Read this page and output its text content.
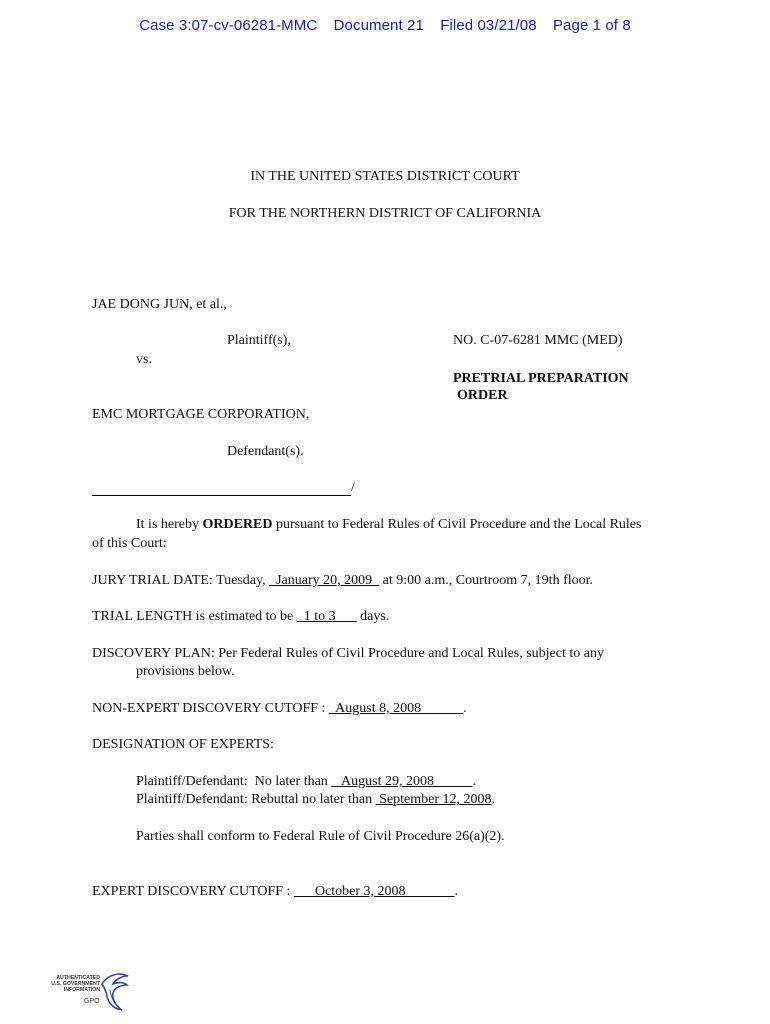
Case 3:07-cv-06281-MMC Document 21 Filed 03/21/08 Page 1 of 8
IN THE UNITED STATES DISTRICT COURT
FOR THE NORTHERN DISTRICT OF CALIFORNIA
JAE DONG JUN, et al.,
Plaintiff(s),
vs.
EMC MORTGAGE CORPORATION,
Defendant(s).
/
NO. C-07-6281 MMC (MED)
PRETRIAL PREPARATION
ORDER
It is hereby ORDERED pursuant to Federal Rules of Civil Procedure and the Local Rules
of this Court:
JURY TRIAL DATE: Tuesday,   January 20, 2009   at 9:00 a.m., Courtroom 7, 19th floor.
TRIAL LENGTH is estimated to be   1 to 3       days.
DISCOVERY PLAN: Per Federal Rules of Civil Procedure and Local Rules, subject to any
provisions below.
NON-EXPERT DISCOVERY CUTOFF :   August 8, 2008            .
DESIGNATION OF EXPERTS:
Plaintiff/Defendant:  No later than    August 29, 2008           .
Plaintiff/Defendant: Rebuttal no later than  September 12, 2008.
Parties shall conform to Federal Rule of Civil Procedure 26(a)(2).
EXPERT DISCOVERY CUTOFF :       October 3, 2008              .
AUTHENTICATED
U.S. GOVERNMENT
INFORMATION
GPO
